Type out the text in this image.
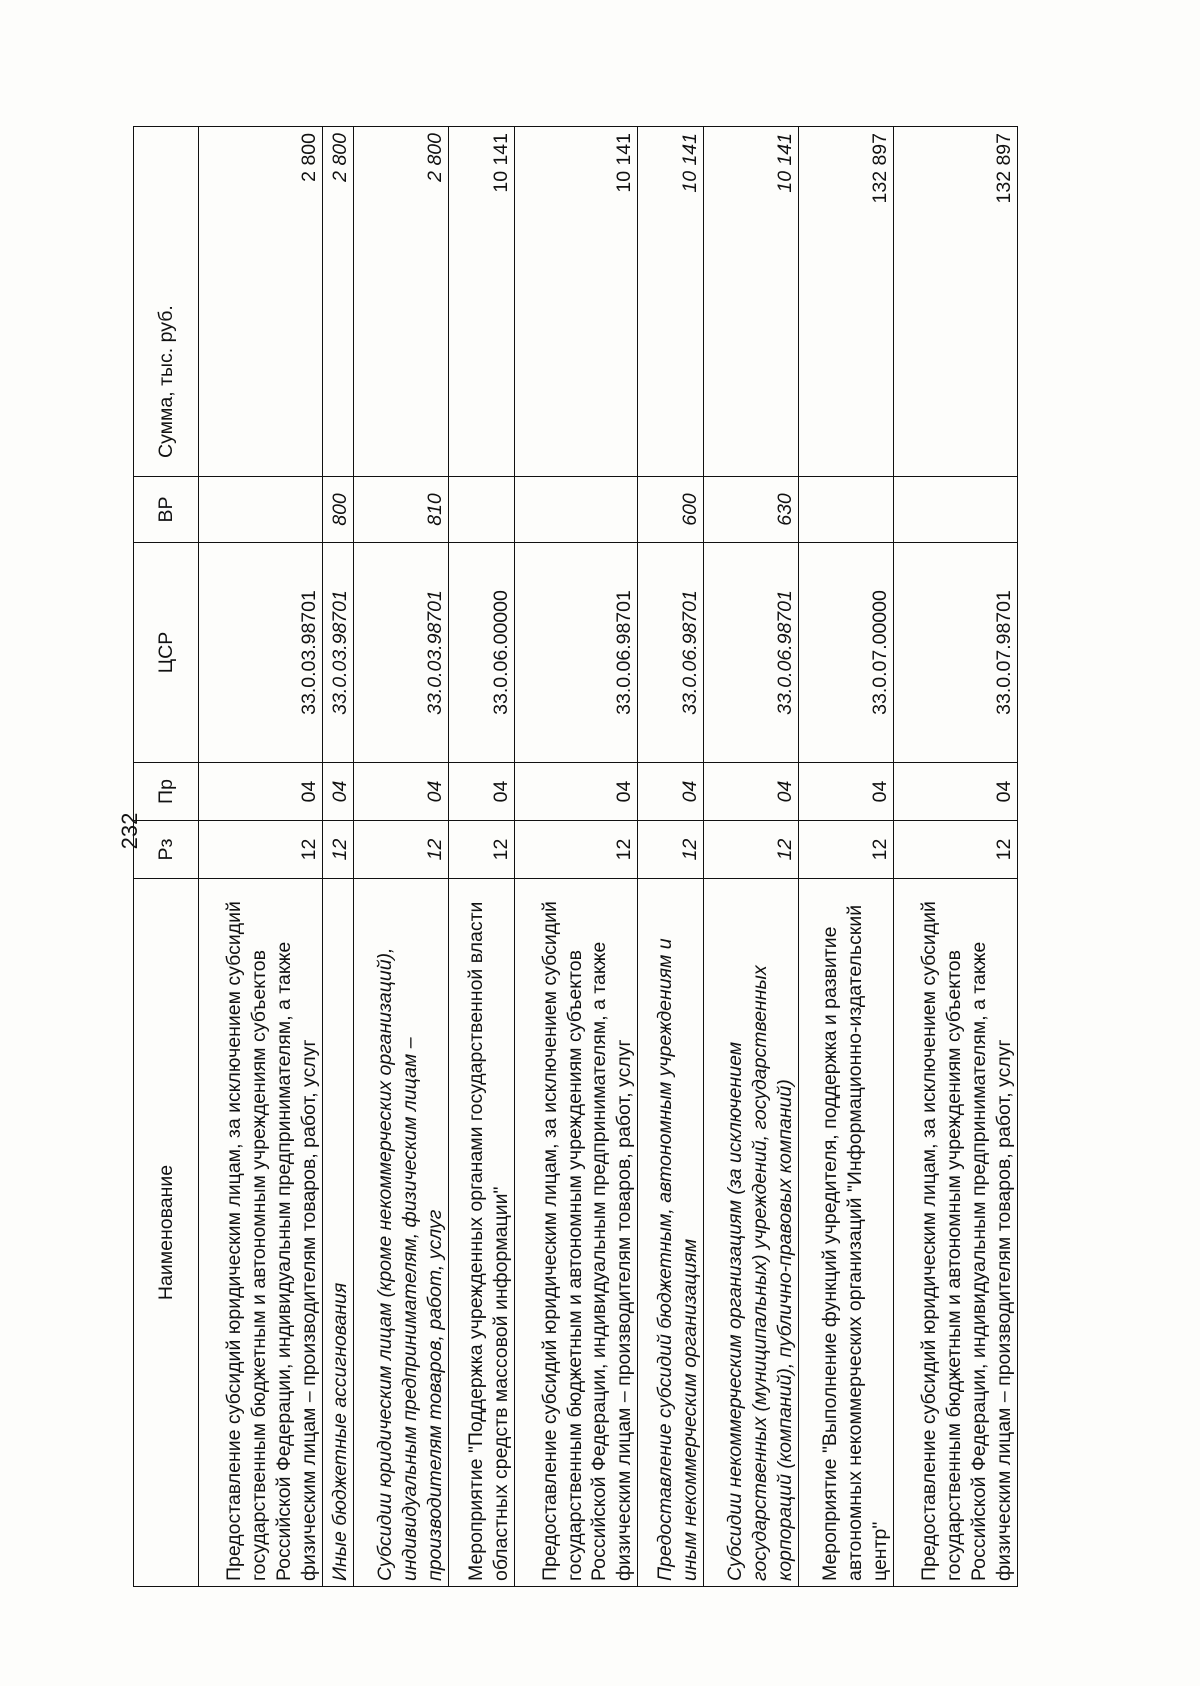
Наименование	Рз	Пр	ЦСР	ВР	Сумма, тыс. руб.
Предоставление субсидий юридическим лицам, за исключением субсидий государственным бюджетным и автономным учреждениям субъектов Российской Федерации, индивидуальным предпринимателям, а также физическим лицам – производителям товаров, работ, услуг	12	04	33.0.03.98701		2 800
Иные бюджетные ассигнования	12	04	33.0.03.98701	800	2 800
Субсидии юридическим лицам (кроме некоммерческих организаций), индивидуальным предпринимателям, физическим лицам – производителям товаров, работ, услуг	12	04	33.0.03.98701	810	2 800
Мероприятие "Поддержка учрежденных органами государственной власти областных средств массовой информации"	12	04	33.0.06.00000		10 141
Предоставление субсидий юридическим лицам, за исключением субсидий государственным бюджетным и автономным учреждениям субъектов Российской Федерации, индивидуальным предпринимателям, а также физическим лицам – производителям товаров, работ, услуг	12	04	33.0.06.98701		10 141
Предоставление субсидий бюджетным, автономным учреждениям и иным некоммерческим организациям	12	04	33.0.06.98701	600	10 141
Субсидии некоммерческим организациям (за исключением государственных (муниципальных) учреждений, государственных корпораций (компаний), публично-правовых компаний)	12	04	33.0.06.98701	630	10 141
Мероприятие "Выполнение функций учредителя, поддержка и развитие автономных некоммерческих организаций "Информационно-издательский центр"	12	04	33.0.07.00000		132 897
Предоставление субсидий юридическим лицам, за исключением субсидий государственным бюджетным и автономным учреждениям субъектов Российской Федерации, индивидуальным предпринимателям, а также физическим лицам – производителям товаров, работ, услуг	12	04	33.0.07.98701		132 897
232
